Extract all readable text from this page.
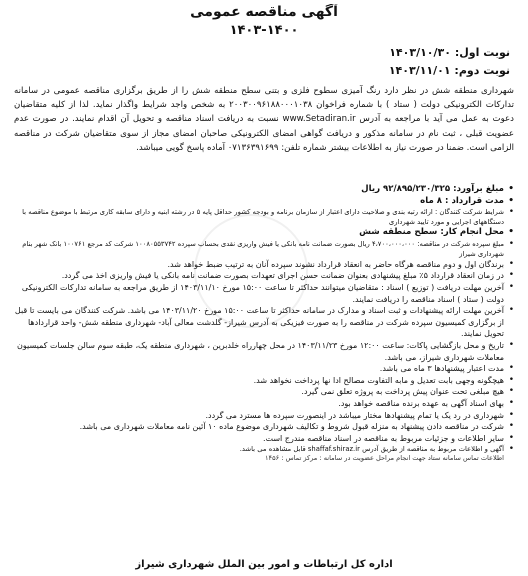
آگهی مناقصه عمومی
۱۴۰۳-۱۴۰۰
نوبت اول: ۱۴۰۳/۱۰/۳۰
نوبت دوم: ۱۴۰۳/۱۱/۰۱
شهرداری منطقه شش در نظر دارد رنگ آمیزی سطوح فلزی و بتنی سطح منطقه شش را از طریق برگزاری مناقصه عمومی در سامانه تدارکات الکترونیکی دولت ( ستاد ) با شماره فراخوان ۲۰۰۳۰۰۹۶۱۸۸۰۰۰۱۰۳۸ به شخص واجد شرایط واگذار نماید. لذا از کلیه متقاضیان دعوت به عمل می آید با مراجعه به آدرس www.Setadiran.ir نسبت به دریافت اسناد مناقصه و تحویل آن اقدام نمایند. در صورت عدم عضویت قبلی ، ثبت نام در سامانه مذکور و دریافت گواهی امضای الکترونیکی صاحبان امضای مجاز از سوی متقاضیان شرکت در مناقصه الزامی است. ضمنا در صورت نیاز به اطلاعات بیشتر شماره تلفن: ۰۷۱۳۶۳۹۱۶۹۹ آماده پاسخ گویی میباشد.
• مبلغ برآورد: ۹۲/۸۹۵/۲۳۰/۳۲۵ ریال
• مدت قرارداد : ۸ ماه
• شرایط شرکت کنندگان : ارائه رتبه بندی و صلاحیت دارای اعتبار از سازمان برنامه و بودجه کشور حداقل پایه ۵ در رشته ابنیه و دارای سابقه کاری مرتبط با موضوع مناقصه با دستگاههای اجرایی و مورد تایید شهرداری
• محل انجام کار: سطح منطقه شش
• مبلغ سپرده شرکت در مناقصه: ۴،۷۰۰،۰۰۰،۰۰۰ ریال بصورت ضمانت نامه بانکی یا فیش واریزی نقدی بحساب سپرده ۱۰۰۸۰۵۵۳۷۴۲ شرکت کد مرجع ۱۰۰۷۶۱ بانک شهر بنام شهرداری شیراز
• برندگان اول و دوم مناقصه هرگاه حاضر به انعقاد قرارداد نشوند سپرده آنان به ترتیب ضبط خواهد شد.
• در زمان انعقاد قرارداد ۵٪ مبلغ پیشنهادی بعنوان ضمانت حسن اجرای تعهدات بصورت ضمانت نامه بانکی یا فیش واریزی اخذ می گردد.
• آخرین مهلت دریافت ( توزیع ) اسناد : متقاضیان میتوانند حداکثر تا ساعت ۱۵:۰۰ مورخ ۱۴۰۳/۱۱/۱۰ از طریق مراجعه به سامانه تدارکات الکترونیکی دولت ( ستاد ) اسناد مناقصه را دریافت نمایند.
• آخرین مهلت ارائه پیشنهادات و ثبت اسناد و مدارک در سامانه حداکثر تا ساعت ۱۵:۰۰ مورخ ۱۴۰۳/۱۱/۲۰ می باشد. شرکت کنندگان می بایست تا قبل از برگزاری کمیسیون سپرده شرکت در مناقصه را به صورت فیزیکی به آدرس شیراز- گلدشت معالی آباد- شهرداری منطقه شش- واحد قراردادها تحویل نمایند.
• تاریخ و محل بازگشایی پاکات: ساعت ۱۲:۰۰ مورخ ۱۴۰۳/۱۱/۲۳ در محل چهارراه خلدبرین ، شهرداری منطقه یک، طبقه سوم سالن جلسات کمیسیون معاملات شهرداری شیراز، می باشد.
• مدت اعتبار پیشنهادها ۳ ماه می باشد.
• هیچگونه وجهی بابت تعدیل و مابه التفاوت مصالح ادا نها پرداخت نخواهد شد.
• هیچ مبلغی تحت عنوان پیش پرداخت به پروژه تعلق نمی گیرد.
• بهای اسناد آگهی به عهده برنده مناقصه خواهد بود.
• شهرداری در رد یک یا تمام پیشنهادها مختار میباشد در اینصورت سپرده ها مسترد می گردد.
• شرکت در مناقصه دادن پیشنهاد به منزله قبول شروط و تکالیف شهرداری موضوع ماده ۱۰ آئین نامه معاملات شهرداری می باشد.
• سایر اطلاعات و جزئیات مربوط به مناقصه در اسناد مناقصه مندرج است.
• آگهی و اطلاعات مربوط به مناقصه از طریق آدرس shaffaf.shiraz.ir قابل مشاهده می باشد.
اطلاعات تماس سامانه ستاد جهت انجام مراحل عضویت در سامانه : مرکز تماس : ۱۴۵۶
اداره کل ارتباطات و امور بین الملل شهرداری شیراز
